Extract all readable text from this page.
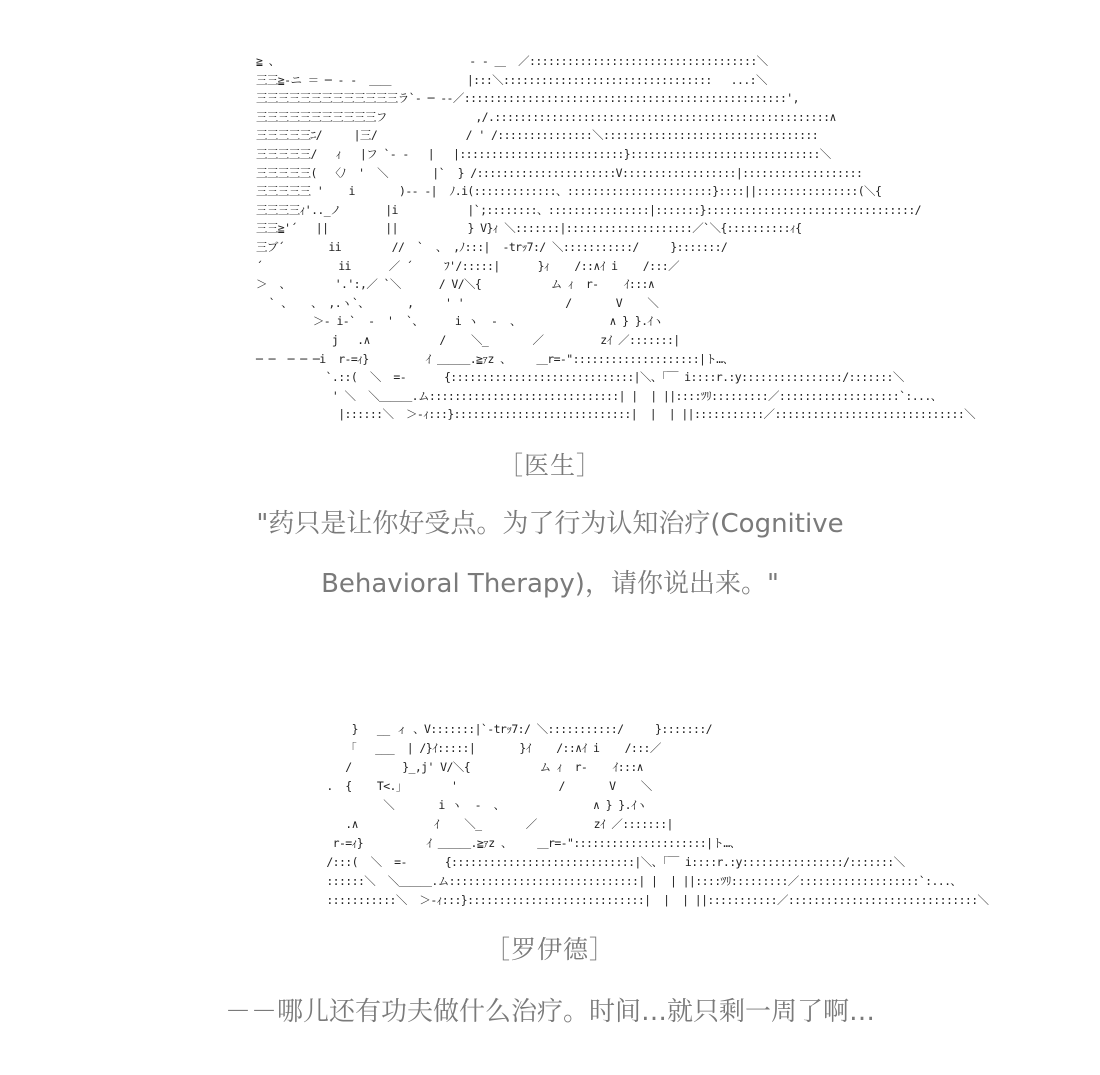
≧ 、                              ‐ ‐ ＿  ／::::::::::::::::::::::::::::::::::::＼
三三≧‐ニ ＝ ─ ‐ ‐  ＿＿            |:::＼:::::::::::::::::::::::::::::::::   ...:＼
三三三三三三三三三三三三三ラ`‐ ─ ‐‐／:::::::::::::::::::::::::::::::::::::::::::::::::::',
三三三三三三三三三三三フ              ,/.:::::::::::::::::::::::::::::::::::::::::::::::::::::∧
三三三三三ﾆ/     |三/              / ' /:::::::::::::::＼::::::::::::::::::::::::::::::::::
三三三三三/   ｨ   |フ `‐ ‐   |   |::::::::::::::::::::::::::}::::::::::::::::::::::::::::::＼
三三三三三(  〈ﾉ  '  ＼       |`  } /::::::::::::::::::::::V::::::::::::::::::|:::::::::::::::::::
三三三三三 '    i       )‐‐ ‐|  ﾉ.i(:::::::::::::、:::::::::::::::::::::::}::::||::::::::::::::::(＼{
三三三三ｨ'.._ノ       |i           |`;::::::::、::::::::::::::::|:::::::}:::::::::::::::::::::::::::::::::/
三三≧'´   ||         ||           } V}ｨ ＼:::::::|::::::::::::::::::::／`＼{::::::::::ｨ{
三ブ´       ii        //  `  、 ,ﾉ:::|  -trｯ7:/ ＼:::::::::::/     }:::::::/
´            ii      ／ ´     ﾌ'/:::::|      }ｨ    /::∧ｲ i    /:::／
＞  、       '.':,／ `＼      / V/＼{           ム ｨ  r‐    ｲ:::∧
` 、   、 ,.ヽ`、      ,     ' '                /       V    ＼
＞‐ i-`  -  '  `、     i ヽ  -  、              ∧ } }.ｲヽ
j   .∧           /    ＼_       ／         zｲ ／:::::::|
─ ─  ─ ─ ─i  r‐=ｨ}         ｲ ＿＿＿.≧ｧz 、    ＿r=‐"::::::::::::::::::::|ト…、
`.::(  ＼  =‐      {:::::::::::::::::::::::::::::|＼、「￣ i::::r.:y::::::::::::::::/:::::::＼
' ＼  ＼＿＿＿.ム::::::::::::::::::::::::::::::| |  | ||::::ﾂﾘ:::::::::／:::::::::::::::::::`:...、
|::::::＼  ＞‐ｨ:::}::::::::::::::::::::::::::::|  |  | ||:::::::::::／::::::::::::::::::::::::::::::＼
［医生］
"药只是让你好受点。为了行为认知治疗(Cognitive
Behavioral Therapy)，请你说出来。"
}   __ ィ 、V:::::::|`-trｯ7:/ ＼:::::::::::/     }:::::::/
「   ___  | /}ｲ:::::|       }ｲ    /::∧ｲ i    /:::／
/        }_,j' V/＼{           ム ｨ  r‐    ｲ:::∧
.  {    T<.」       '                /       V    ＼
＼       i ヽ  -  、              ∧ } }.ｲヽ
.∧            ｲ    ＼_       ／         zｲ ／:::::::|
r‐=ｨ}          ｲ ＿＿＿.≧ｧz 、    ＿r=‐":::::::::::::::::::::|ト…、
/:::(  ＼  =‐      {:::::::::::::::::::::::::::::|＼、「￣ i::::r.:y::::::::::::::::/:::::::＼
::::::＼  ＼＿＿＿.ム::::::::::::::::::::::::::::::| |  | ||::::ﾂﾘ:::::::::／:::::::::::::::::::`:...、
:::::::::::＼  ＞‐ｨ:::}::::::::::::::::::::::::::::|  |  | ||:::::::::::／::::::::::::::::::::::::::::::＼
［罗伊德］
－－哪儿还有功夫做什么治疗。时间…就只剩一周了啊…
